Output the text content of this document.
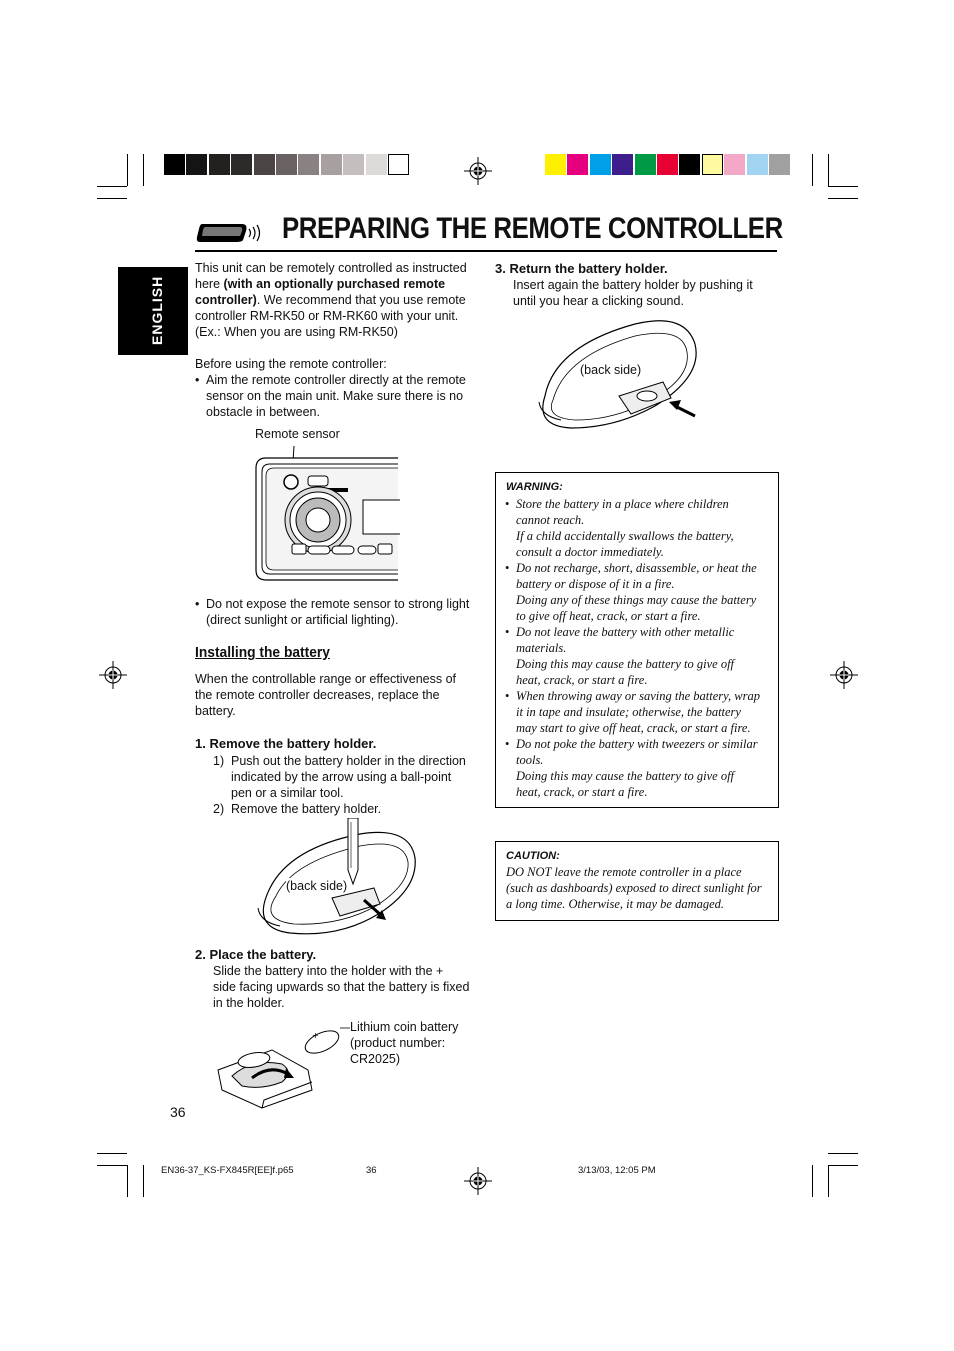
PREPARING THE REMOTE CONTROLLER
ENGLISH
This unit can be remotely controlled as instructed
here (with an optionally purchased remote
controller). We recommend that you use remote
controller RM-RK50 or RM-RK60 with your unit.
(Ex.: When you are using RM-RK50)
Before using the remote controller:
• Aim the remote controller directly at the remote
sensor on the main unit. Make sure there is no
obstacle in between.
Remote sensor
• Do not expose the remote sensor to strong light
(direct sunlight or artificial lighting).
Installing the battery
When the controllable range or effectiveness of
the remote controller decreases, replace the
battery.
1. Remove the battery holder.
1) Push out the battery holder in the direction
indicated by the arrow using a ball-point
pen or a similar tool.
2) Remove the battery holder.
(back side)
2. Place the battery.
Slide the battery into the holder with the +
side facing upwards so that the battery is fixed
in the holder.
+
Lithium coin battery
(product number:
CR2025)
36
3. Return the battery holder.
Insert again the battery holder by pushing it
until you hear a clicking sound.
(back side)
WARNING:
• Store the battery in a place where children
cannot reach.
If a child accidentally swallows the battery,
consult a doctor immediately.
• Do not recharge, short, disassemble, or heat the
battery or dispose of it in a fire.
Doing any of these things may cause the battery
to give off heat, crack, or start a fire.
• Do not leave the battery with other metallic
materials.
Doing this may cause the battery to give off
heat, crack, or start a fire.
• When throwing away or saving the battery, wrap
it in tape and insulate; otherwise, the battery
may start to give off heat, crack, or start a fire.
• Do not poke the battery with tweezers or similar
tools.
Doing this may cause the battery to give off
heat, crack, or start a fire.
CAUTION:
DO NOT leave the remote controller in a place
(such as dashboards) exposed to direct sunlight for
a long time. Otherwise, it may be damaged.
EN36-37_KS-FX845R[EE]f.p65	36	3/13/03, 12:05 PM
